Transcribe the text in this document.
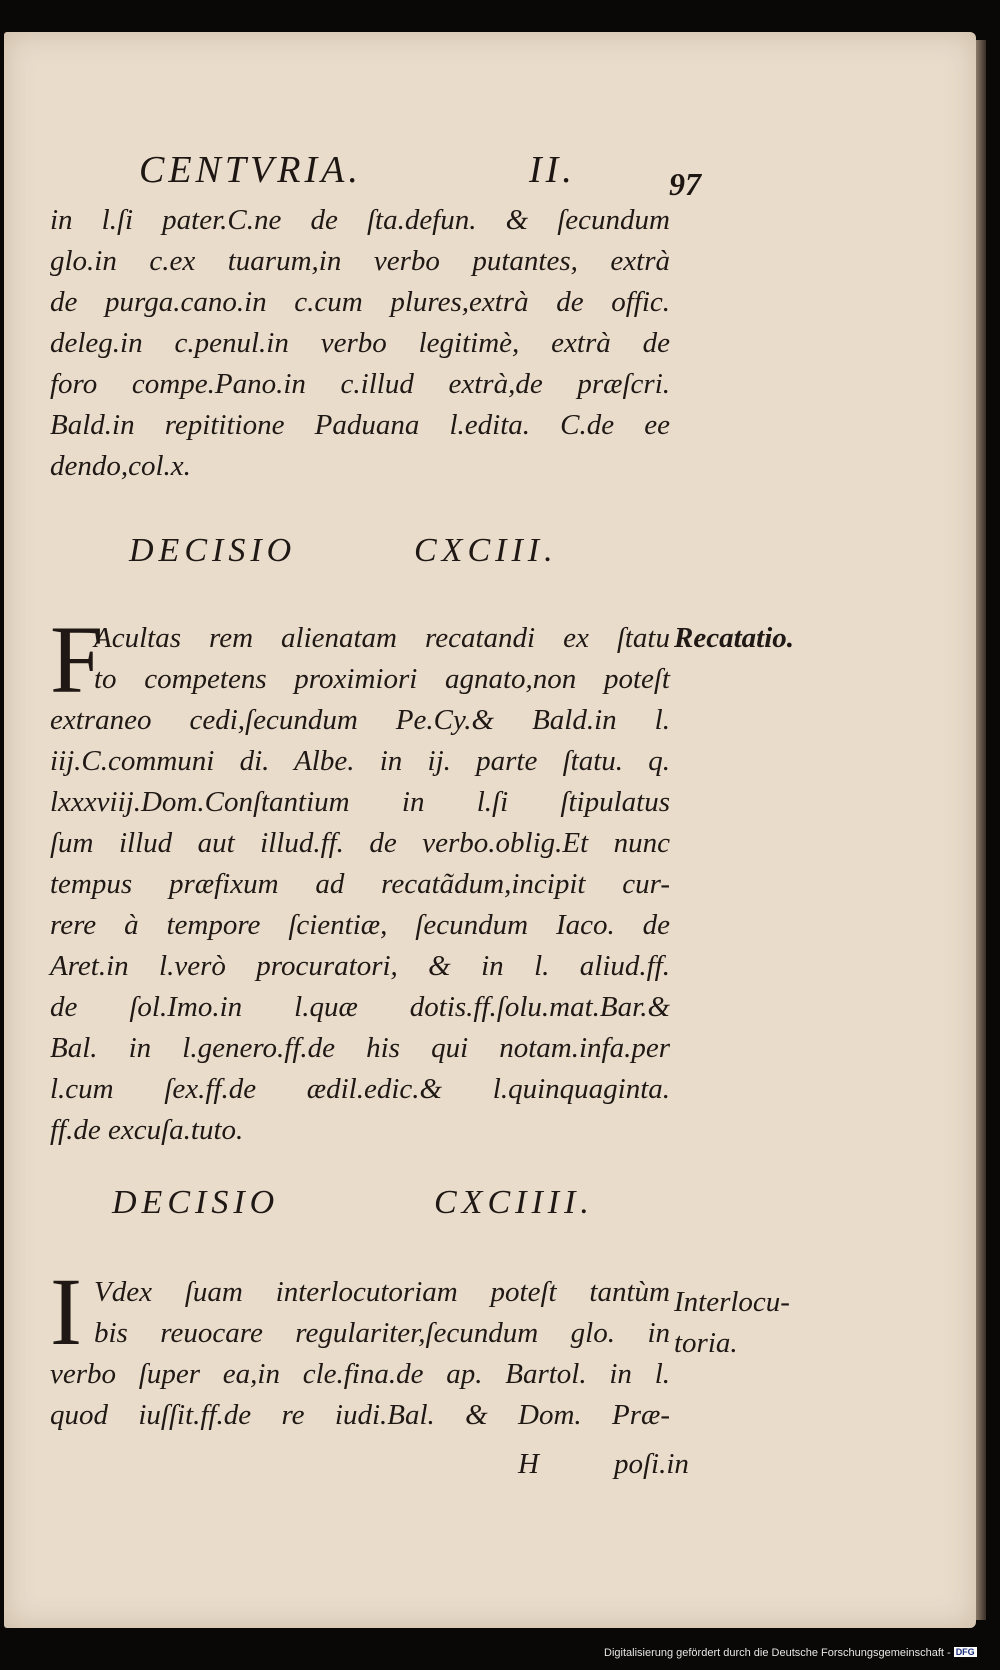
CENTVRIA.	II.	97
in l.ſi pater.C.ne de ſta.defun. & ſecundum
glo.in c.ex tuarum,in verbo putantes, extrà
de purga.cano.in c.cum plures,extrà de offic.
deleg.in c.penul.in verbo legitimè, extrà de
foro compe.Pano.in c.illud extrà,de præſcri.
Bald.in repititione Paduana l.edita. C.de ee
dendo,col.x.
DECISIO	CXCIII.
F
Acultas rem alienatam recatandi ex ſtatu
to competens proximiori agnato,non poteſt
extraneo cedi,ſecundum Pe.Cy.& Bald.in l.
iij.C.communi di. Albe. in ij. parte ſtatu. q.
lxxxviij.Dom.Conſtantium in l.ſi ſtipulatus
ſum illud aut illud.ff. de verbo.oblig.Et nunc
tempus præfixum ad recatãdum,incipit cur-
rere à tempore ſcientiæ, ſecundum Iaco. de
Aret.in l.verò procuratori, & in l. aliud.ff.
de ſol.Imo.in l.quæ dotis.ff.ſolu.mat.Bar.&
Bal. in l.genero.ff.de his qui notam.infa.per
l.cum ſex.ff.de ædil.edic.& l.quinquaginta.
ff.de excuſa.tuto.
Recatatio.
DECISIO	CXCIIII.
I Vdex ſuam interlocutoriam poteſt tantùm
bis reuocare regulariter,ſecundum glo. in
verbo ſuper ea,in cle.fina.de ap. Bartol. in l.
quod iuſſit.ff.de re iudi.Bal. & Dom. Præ-
Interlocu-
toria.
H	poſi.in
Digitalisierung gefördert durch die Deutsche Forschungsgemeinschaft - DFG
